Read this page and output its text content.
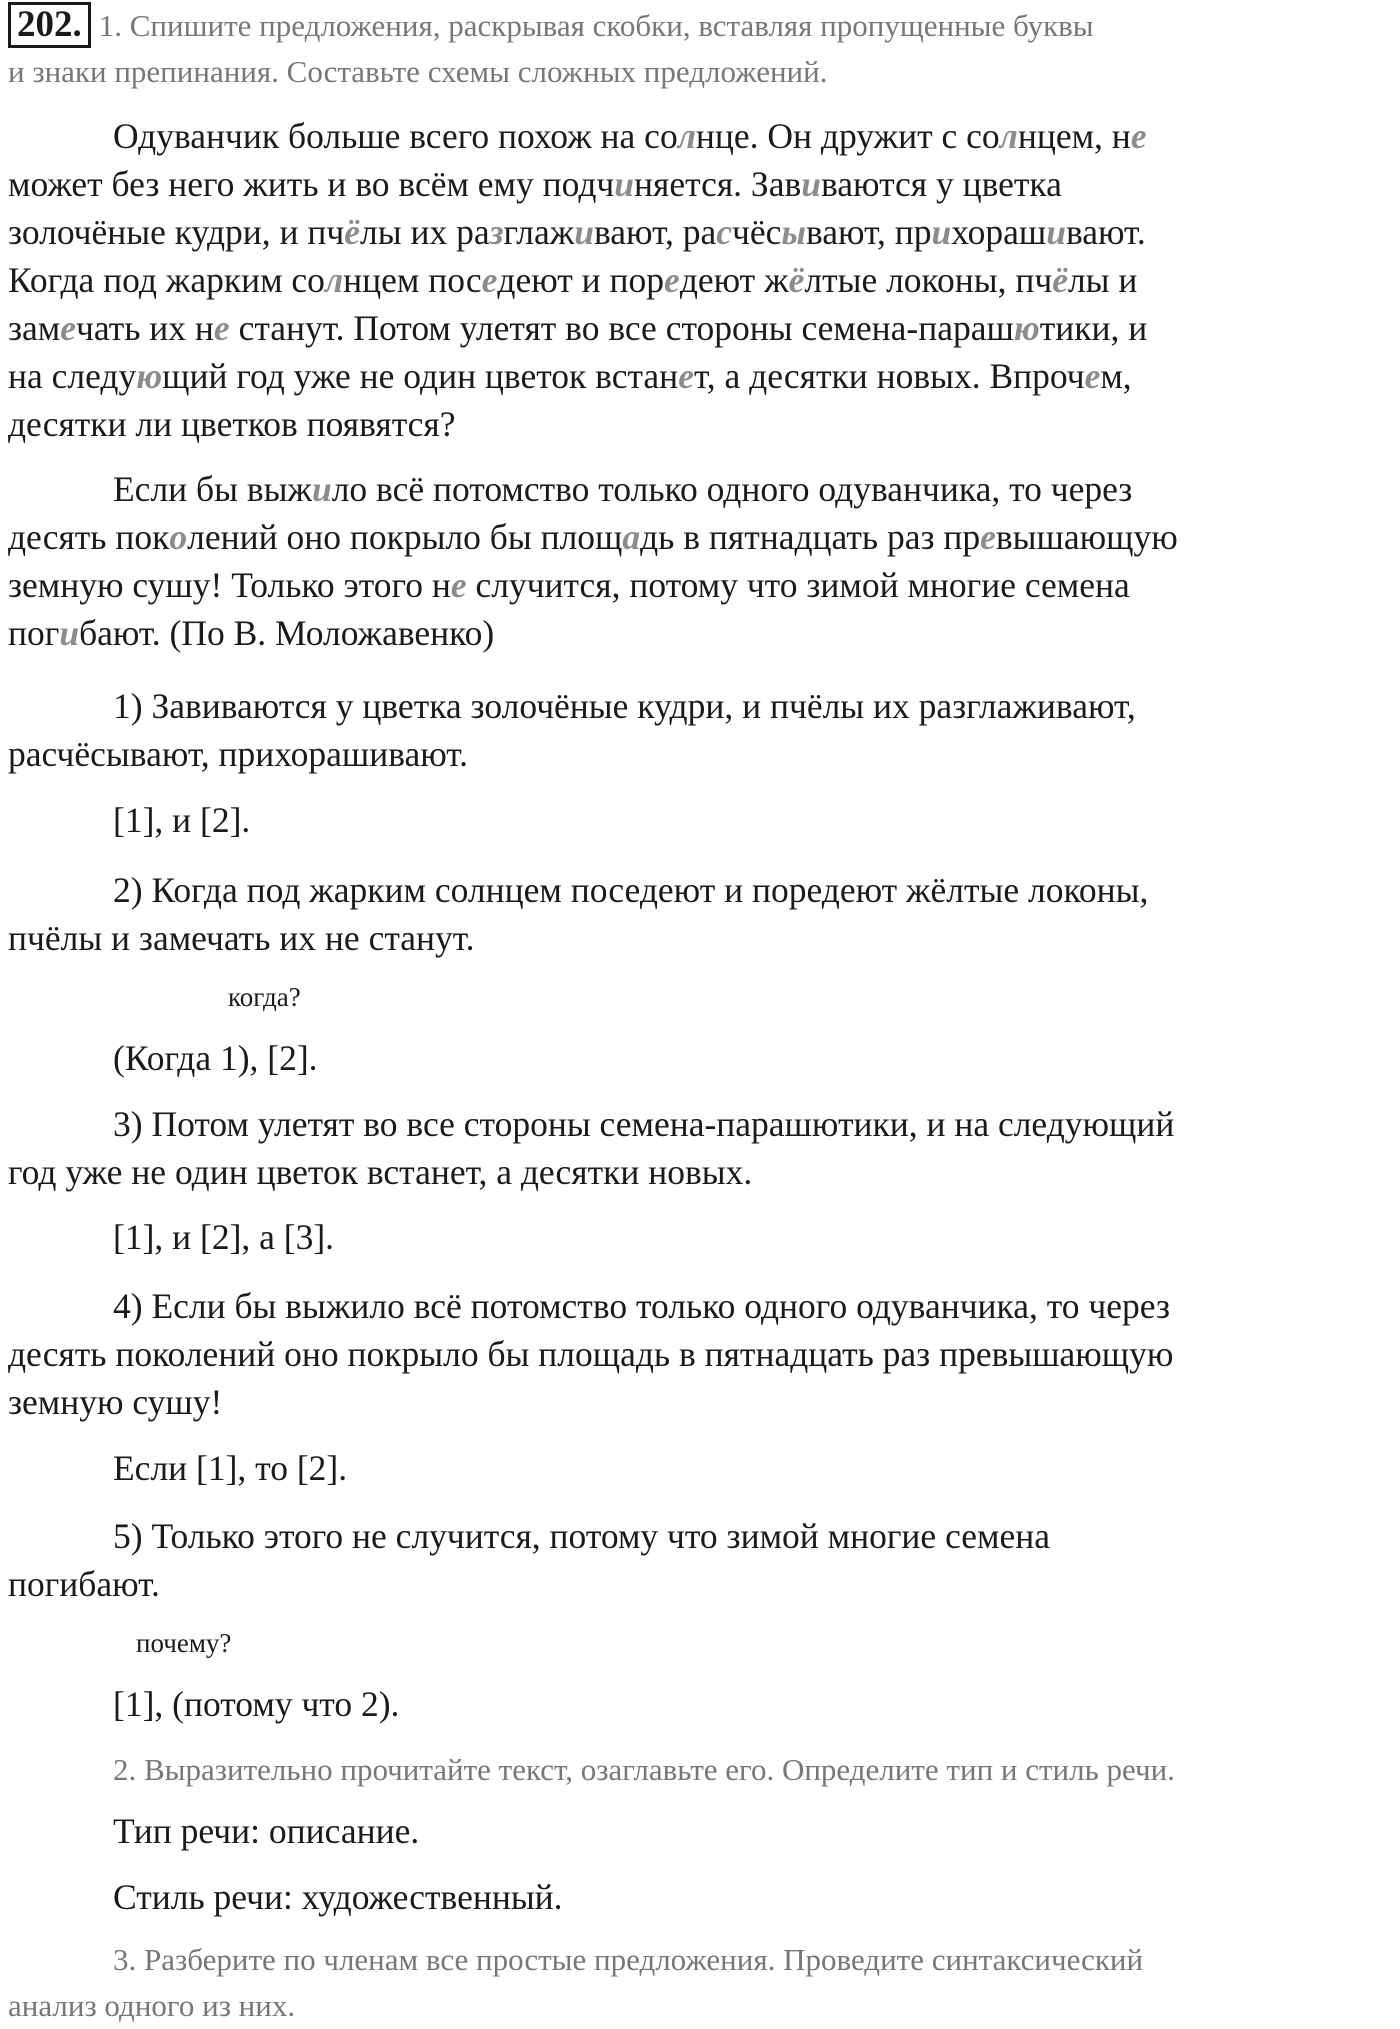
202. 1. Спишите предложения, раскрывая скобки, вставляя пропущенные буквы
и знаки препинания. Составьте схемы сложных предложений.
Одуванчик больше всего похож на солнце. Он дружит с солнцем, не
может без него жить и во всём ему подчиняется. Завиваются у цветка
золочёные кудри, и пчёлы их разглаживают, расчёсывают, прихорашивают.
Когда под жарким солнцем поседеют и поредеют жёлтые локоны, пчёлы и
замечать их не станут. Потом улетят во все стороны семена-парашютики, и
на следующий год уже не один цветок встанет, а десятки новых. Впрочем,
десятки ли цветков появятся?
Если бы выжило всё потомство только одного одуванчика, то через
десять поколений оно покрыло бы площадь в пятнадцать раз превышающую
земную сушу! Только этого не случится, потому что зимой многие семена
погибают. (По В. Моложавенко)
1) Завиваются у цветка золочёные кудри, и пчёлы их разглаживают,
расчёсывают, прихорашивают.
[1], и [2].
2) Когда под жарким солнцем поседеют и поредеют жёлтые локоны,
пчёлы и замечать их не станут.
когда?
(Когда 1), [2].
3) Потом улетят во все стороны семена-парашютики, и на следующий
год уже не один цветок встанет, а десятки новых.
[1], и [2], а [3].
4) Если бы выжило всё потомство только одного одуванчика, то через
десять поколений оно покрыло бы площадь в пятнадцать раз превышающую
земную сушу!
Если [1], то [2].
5) Только этого не случится, потому что зимой многие семена
погибают.
почему?
[1], (потому что 2).
2. Выразительно прочитайте текст, озаглавьте его. Определите тип и стиль речи.
Тип речи: описание.
Стиль речи: художественный.
3. Разберите по членам все простые предложения. Проведите синтаксический
анализ одного из них.
